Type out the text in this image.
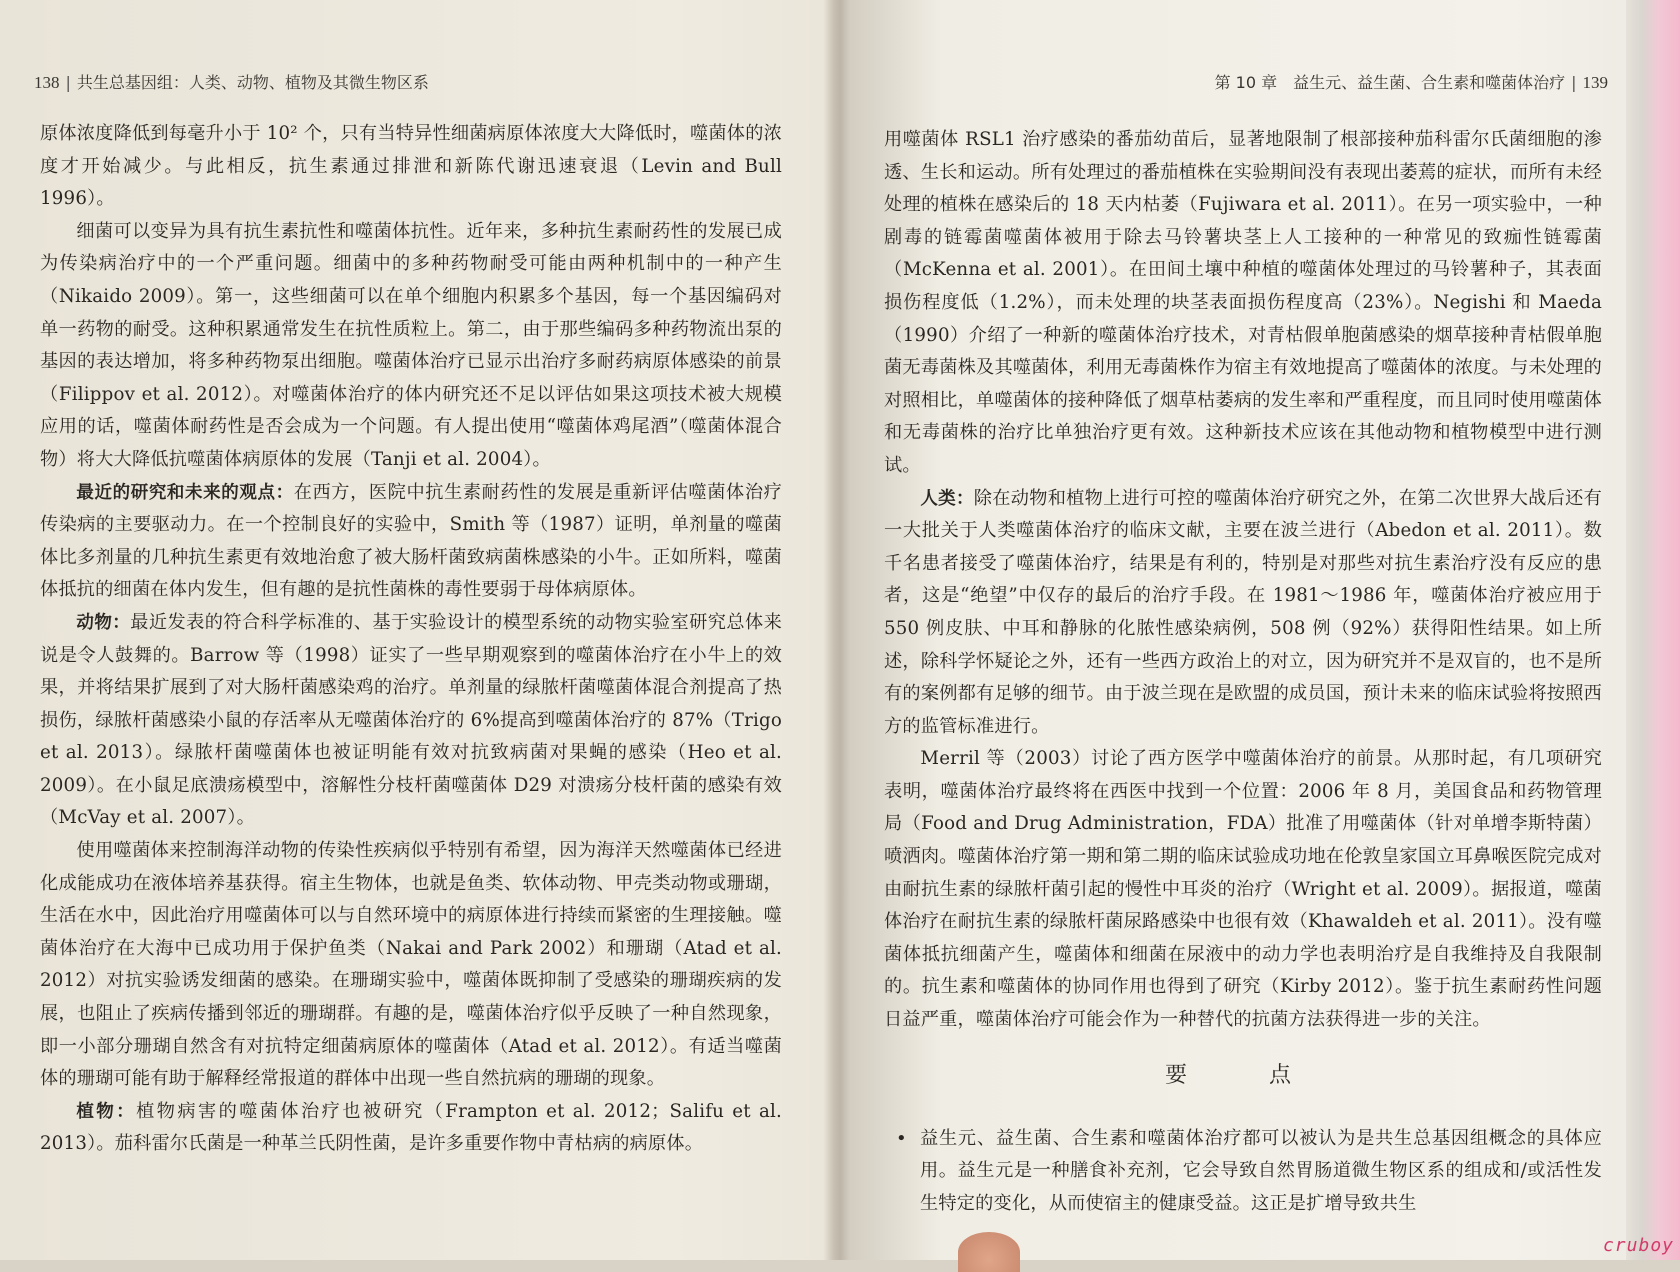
138 | 共生总基因组：人类、动物、植物及其微生物区系

原体浓度降低到每毫升小于 10² 个，只有当特异性细菌病原体浓度大大降低时，噬菌体的浓度才开始减少。与此相反，抗生素通过排泄和新陈代谢迅速衰退（Levin and Bull 1996）。

细菌可以变异为具有抗生素抗性和噬菌体抗性。近年来，多种抗生素耐药性的发展已成为传染病治疗中的一个严重问题。细菌中的多种药物耐受可能由两种机制中的一种产生（Nikaido 2009）。第一，这些细菌可以在单个细胞内积累多个基因，每一个基因编码对单一药物的耐受。这种积累通常发生在抗性质粒上。第二，由于那些编码多种药物流出泵的基因的表达增加，将多种药物泵出细胞。噬菌体治疗已显示出治疗多耐药病原体感染的前景（Filippov et al. 2012）。对噬菌体治疗的体内研究还不足以评估如果这项技术被大规模应用的话，噬菌体耐药性是否会成为一个问题。有人提出使用“噬菌体鸡尾酒”（噬菌体混合物）将大大降低抗噬菌体病原体的发展（Tanji et al. 2004）。

最近的研究和未来的观点：在西方，医院中抗生素耐药性的发展是重新评估噬菌体治疗传染病的主要驱动力。在一个控制良好的实验中，Smith 等（1987）证明，单剂量的噬菌体比多剂量的几种抗生素更有效地治愈了被大肠杆菌致病菌株感染的小牛。正如所料，噬菌体抵抗的细菌在体内发生，但有趣的是抗性菌株的毒性要弱于母体病原体。

动物：最近发表的符合科学标准的、基于实验设计的模型系统的动物实验室研究总体来说是令人鼓舞的。Barrow 等（1998）证实了一些早期观察到的噬菌体治疗在小牛上的效果，并将结果扩展到了对大肠杆菌感染鸡的治疗。单剂量的绿脓杆菌噬菌体混合剂提高了热损伤，绿脓杆菌感染小鼠的存活率从无噬菌体治疗的 6%提高到噬菌体治疗的 87%（Trigo et al. 2013）。绿脓杆菌噬菌体也被证明能有效对抗致病菌对果蝇的感染（Heo et al. 2009）。在小鼠足底溃疡模型中，溶解性分枝杆菌噬菌体 D29 对溃疡分枝杆菌的感染有效（McVay et al. 2007）。

使用噬菌体来控制海洋动物的传染性疾病似乎特别有希望，因为海洋天然噬菌体已经进化成能成功在液体培养基获得。宿主生物体，也就是鱼类、软体动物、甲壳类动物或珊瑚，生活在水中，因此治疗用噬菌体可以与自然环境中的病原体进行持续而紧密的生理接触。噬菌体治疗在大海中已成功用于保护鱼类（Nakai and Park 2002）和珊瑚（Atad et al. 2012）对抗实验诱发细菌的感染。在珊瑚实验中，噬菌体既抑制了受感染的珊瑚疾病的发展，也阻止了疾病传播到邻近的珊瑚群。有趣的是，噬菌体治疗似乎反映了一种自然现象，即一小部分珊瑚自然含有对抗特定细菌病原体的噬菌体（Atad et al. 2012）。有适当噬菌体的珊瑚可能有助于解释经常报道的群体中出现一些自然抗病的珊瑚的现象。

植物：植物病害的噬菌体治疗也被研究（Frampton et al. 2012；Salifu et al. 2013）。茄科雷尔氏菌是一种革兰氏阴性菌，是许多重要作物中青枯病的病原体。

第 10 章　益生元、益生菌、合生素和噬菌体治疗 | 139

用噬菌体 RSL1 治疗感染的番茄幼苗后，显著地限制了根部接种茄科雷尔氏菌细胞的渗透、生长和运动。所有处理过的番茄植株在实验期间没有表现出萎蔫的症状，而所有未经处理的植株在感染后的 18 天内枯萎（Fujiwara et al. 2011）。在另一项实验中，一种剧毒的链霉菌噬菌体被用于除去马铃薯块茎上人工接种的一种常见的致痂性链霉菌（McKenna et al. 2001）。在田间土壤中种植的噬菌体处理过的马铃薯种子，其表面损伤程度低（1.2%），而未处理的块茎表面损伤程度高（23%）。Negishi 和 Maeda（1990）介绍了一种新的噬菌体治疗技术，对青枯假单胞菌感染的烟草接种青枯假单胞菌无毒菌株及其噬菌体，利用无毒菌株作为宿主有效地提高了噬菌体的浓度。与未处理的对照相比，单噬菌体的接种降低了烟草枯萎病的发生率和严重程度，而且同时使用噬菌体和无毒菌株的治疗比单独治疗更有效。这种新技术应该在其他动物和植物模型中进行测试。

人类：除在动物和植物上进行可控的噬菌体治疗研究之外，在第二次世界大战后还有一大批关于人类噬菌体治疗的临床文献，主要在波兰进行（Abedon et al. 2011）。数千名患者接受了噬菌体治疗，结果是有利的，特别是对那些对抗生素治疗没有反应的患者，这是“绝望”中仅存的最后的治疗手段。在 1981～1986 年，噬菌体治疗被应用于 550 例皮肤、中耳和静脉的化脓性感染病例，508 例（92%）获得阳性结果。如上所述，除科学怀疑论之外，还有一些西方政治上的对立，因为研究并不是双盲的，也不是所有的案例都有足够的细节。由于波兰现在是欧盟的成员国，预计未来的临床试验将按照西方的监管标准进行。

Merril 等（2003）讨论了西方医学中噬菌体治疗的前景。从那时起，有几项研究表明，噬菌体治疗最终将在西医中找到一个位置：2006 年 8 月，美国食品和药物管理局（Food and Drug Administration，FDA）批准了用噬菌体（针对单增李斯特菌）喷洒肉。噬菌体治疗第一期和第二期的临床试验成功地在伦敦皇家国立耳鼻喉医院完成对由耐抗生素的绿脓杆菌引起的慢性中耳炎的治疗（Wright et al. 2009）。据报道，噬菌体治疗在耐抗生素的绿脓杆菌尿路感染中也很有效（Khawaldeh et al. 2011）。没有噬菌体抵抗细菌产生，噬菌体和细菌在尿液中的动力学也表明治疗是自我维持及自我限制的。抗生素和噬菌体的协同作用也得到了研究（Kirby 2012）。鉴于抗生素耐药性问题日益严重，噬菌体治疗可能会作为一种替代的抗菌方法获得进一步的关注。

要　点

• 益生元、益生菌、合生素和噬菌体治疗都可以被认为是共生总基因组概念的具体应用。益生元是一种膳食补充剂，它会导致自然胃肠道微生物区系的组成和/或活性发生特定的变化，从而使宿主的健康受益。这正是扩增导致共生

cruboy
